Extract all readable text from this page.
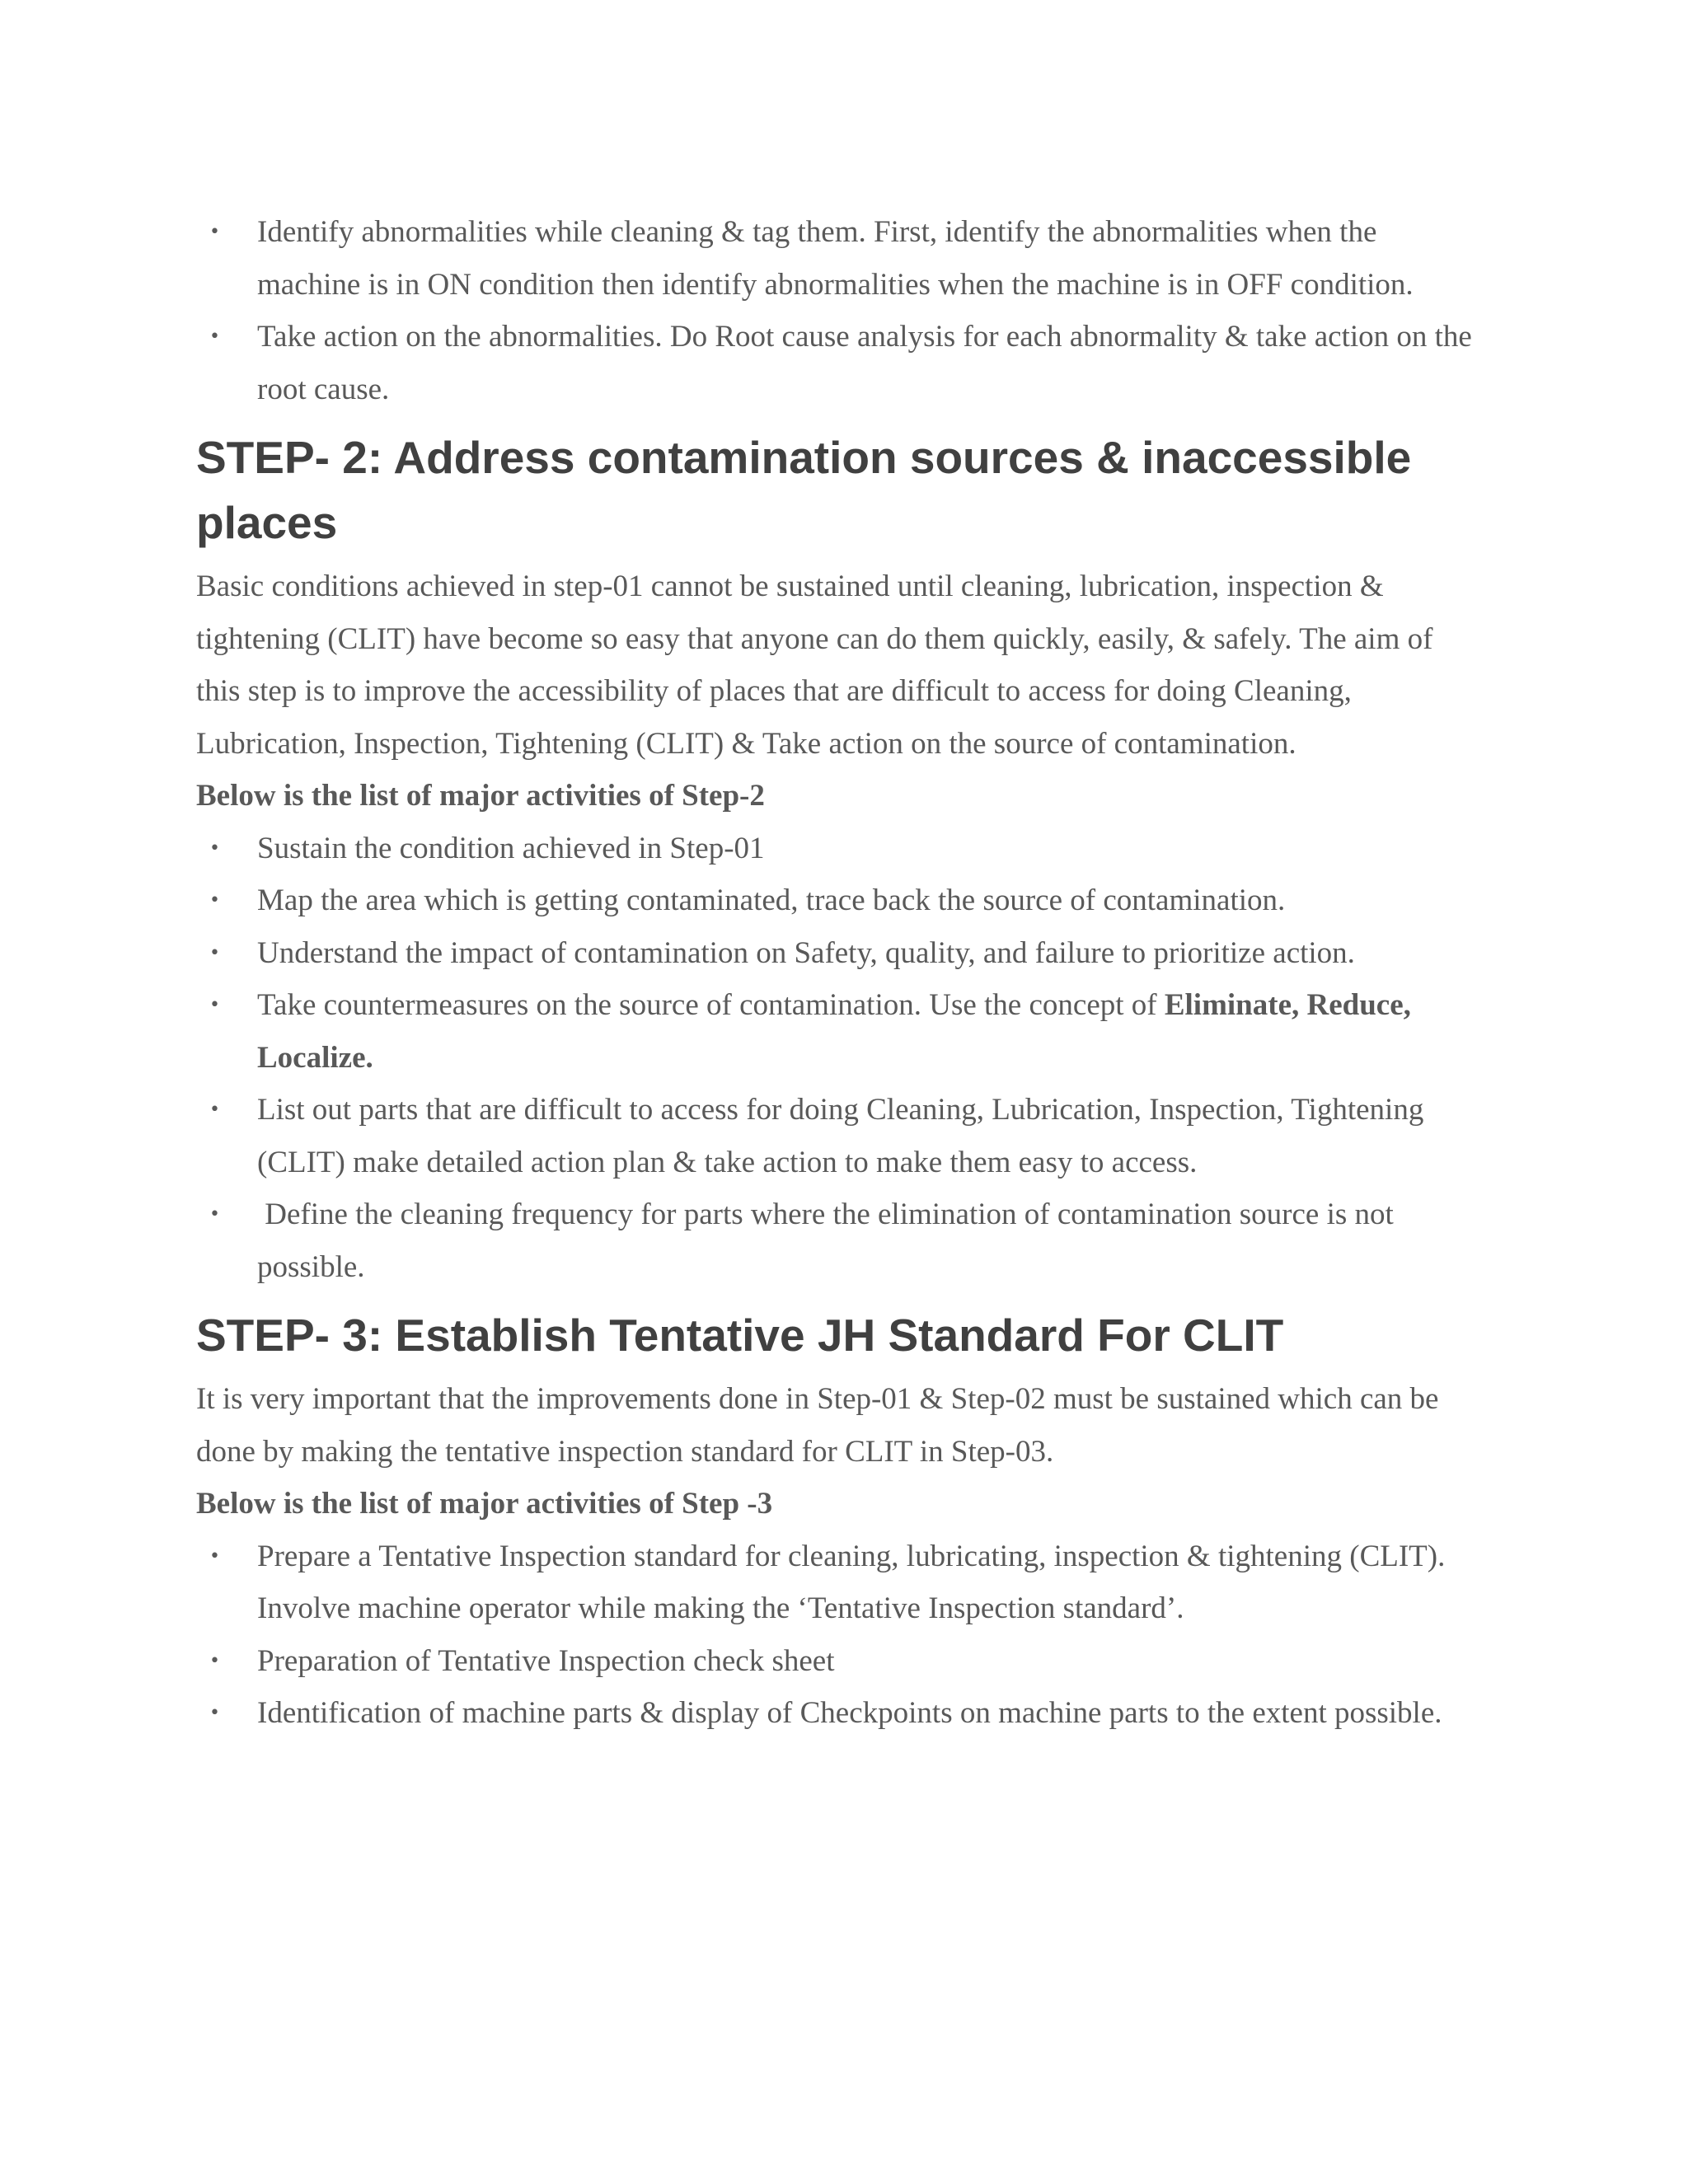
• Identify abnormalities while cleaning & tag them. First, identify the abnormalities when the machine is in ON condition then identify abnormalities when the machine is in OFF condition.
• Take action on the abnormalities. Do Root cause analysis for each abnormality & take action on the root cause.
STEP- 2: Address contamination sources & inaccessible places

Basic conditions achieved in step-01 cannot be sustained until cleaning, lubrication, inspection & tightening (CLIT) have become so easy that anyone can do them quickly, easily, & safely. The aim of this step is to improve the accessibility of places that are difficult to access for doing Cleaning, Lubrication, Inspection, Tightening (CLIT) & Take action on the source of contamination.

Below is the list of major activities of Step-2

• Sustain the condition achieved in Step-01
• Map the area which is getting contaminated, trace back the source of contamination.
• Understand the impact of contamination on Safety, quality, and failure to prioritize action.
• Take countermeasures on the source of contamination. Use the concept of Eliminate, Reduce, Localize.
• List out parts that are difficult to access for doing Cleaning, Lubrication, Inspection, Tightening (CLIT) make detailed action plan & take action to make them easy to access.
• Define the cleaning frequency for parts where the elimination of contamination source is not possible.
STEP- 3: Establish Tentative JH Standard For CLIT

It is very important that the improvements done in Step-01 & Step-02 must be sustained which can be done by making the tentative inspection standard for CLIT in Step-03.

Below is the list of major activities of Step -3

• Prepare a Tentative Inspection standard for cleaning, lubricating, inspection & tightening (CLIT). Involve machine operator while making the ‘Tentative Inspection standard’.
• Preparation of Tentative Inspection check sheet
• Identification of machine parts & display of Checkpoints on machine parts to the extent possible.
